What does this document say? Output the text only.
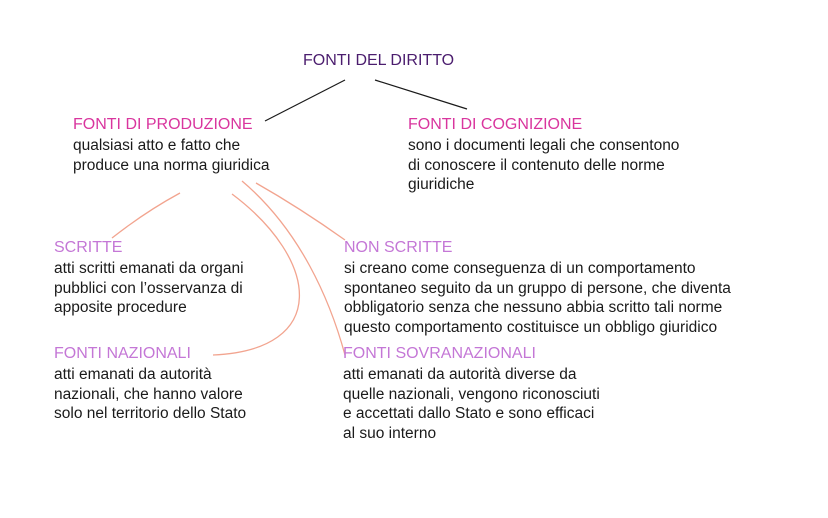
FONTI DEL DIRITTO
FONTI DI PRODUZIONE
qualsiasi atto e fatto che
produce una norma giuridica
FONTI DI COGNIZIONE
sono i documenti legali che consentono
di conoscere il contenuto delle norme
giuridiche
SCRITTE
atti scritti emanati da organi
pubblici con l’osservanza di
apposite procedure
NON SCRITTE
si creano come conseguenza di un comportamento
spontaneo seguito da un gruppo di persone, che diventa
obbligatorio senza che nessuno abbia scritto tali norme
questo comportamento costituisce un obbligo giuridico
FONTI NAZIONALI
atti emanati da autorità
nazionali, che hanno valore
solo nel territorio dello Stato
FONTI SOVRANAZIONALI
atti emanati da autorità diverse da
quelle nazionali, vengono riconosciuti
e accettati dallo Stato e sono efficaci
al suo interno
